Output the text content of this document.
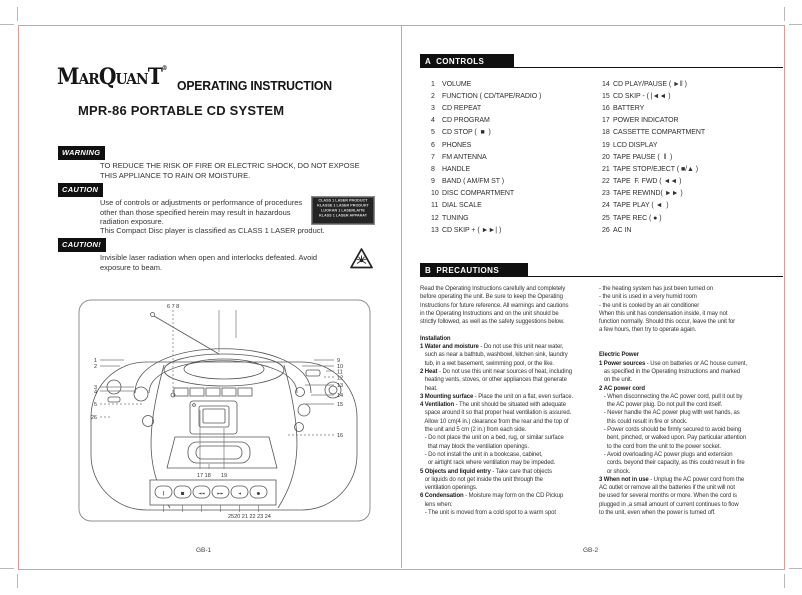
MarQuanT®
OPERATING INSTRUCTION
MPR-86 PORTABLE CD SYSTEM
WARNING
TO REDUCE THE RISK OF FIRE OR ELECTRIC SHOCK, DO NOT EXPOSE
THIS APPLIANCE TO RAIN OR MOISTURE.
CAUTION
Use of controls or adjustments or performance of procedures
other than those specified herein may result in hazardous
radiation exposure.
CLASS 1 LASER PRODUCT
KLASSE 1 LASER PRODUKT
LUOKAN 1 LASERLAITE
KLASS 1 LASER APPARAT
This Compact Disc player is classified as CLASS 1 LASER product.
CAUTION!
Invisible laser radiation when open and interlocks defeated. Avoid
exposure to beam.
‖	■	◄◄	►►	◄	●
6 7 8
1
2
3
4
5
26
9
10
11
12
13
14
15
16
17 18 19
2520 21 22 23 24
GB-1
A  CONTROLS
1	VOLUME
2	FUNCTION ( CD/TAPE/RADIO )
3	CD REPEAT
4	CD PROGRAM
5	CD STOP (  ■  )
6	PHONES
7	FM ANTENNA
8	HANDLE
9	BAND ( AM/FM ST )
10 DISC COMPARTMENT
11 DIAL SCALE
12 TUNING
13 CD SKIP + ( ►►| )
14 CD PLAY/PAUSE ( ►‖ )
15 CD SKIP - ( |◄◄ )
16 BATTERY
17 POWER INDICATOR
18 CASSETTE COMPARTMENT
19 LCD DISPLAY
20 TAPE PAUSE (  ‖  )
21 TAPE STOP/EJECT ( ■/▲ )
22 TAPE  F. FWD ( ◄◄ )
23 TAPE REWIND( ►► )
24 TAPE PLAY ( ◄  )
25 TAPE REC ( ● )
26 AC IN
B  PRECAUTIONS
Read the Operating Instructions carefully and completely
before operating the unit. Be sure to keep the Operating
Instructions for future reference. All warnings and cautions
in the Operating Instructions and on the unit should be
strictly followed, as well as the safety suggestions below.
Installation
1 Water and moisture - Do not use this unit near water,
such as near a bathtub, washbowl, kitchen sink, laundry
tub, in a wet basement, swimming pool, or the like.
2 Heat - Do not use this unit near sources of heat, including
heating vents, stoves, or other appliances that generate
heat.
3 Mounting surface - Place the unit on a flat, even surface.
4 Ventilation - The unit should be situated with adequate
space around it so that proper heat ventilation is assured.
Allow 10 cm(4 in.) clearance from the rear and the top of
the unit and 5 cm (2 in.) from each side.
- Do not place the unit on a bed, rug, or similar surface
that may block the ventilation openings.
- Do not install the unit in a bookcase, cabinet,
or airtight rack where ventilation may be impeded.
5 Objects and liquid entry - Take care that objects
or liquids do not get inside the unit through the
ventilation openings.
6 Condensation - Moisture may form on the CD Pickup
lens when:
- The unit is moved from a cold spot to a warm spot
- the heating system has just been turned on
- the unit is used in a very humid room
- the unit is cooled by an air conditioner
When this unit has condensation inside, it may not
function normally. Should this occur, leave the unit for
a few hours, then try to operate again.
Electric Power
1 Power sources - Use on batteries or AC house current,
as specified in the Operating Instructions and marked
on the unit.
2 AC power cord
- When disconnecting the AC power cord, pull it out by
the AC power plug. Do not pull the cord itself.
- Never handle the AC power plug with wet hands, as
this could result in fire or shock.
- Power cords should be firmly secured to avoid being
bent, pinched, or walked upon. Pay particular attention
to the cord from the unit to the power socket.
- Avoid overloading AC power plugs and extension
cords. beyond their capacity, as this could result in fire
or shock.
3 When not in use - Unplug the AC power cord from the
AC outlet or remove all the batteries if the unit will not
be used for several months or more. When the cord is
plugged in ,a small amount of current continues to flow
to the unit, even when the power is turned off.
GB-2
